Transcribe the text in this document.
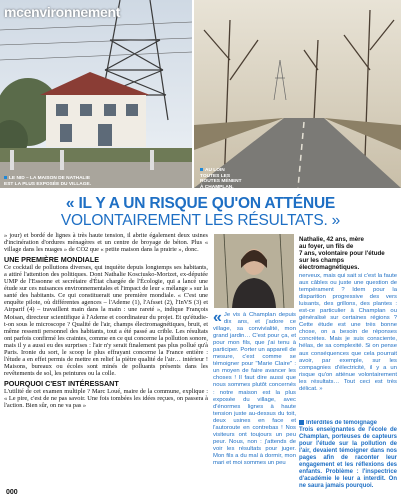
mcenvironnement
LE NID – LA MAISON DE NATHALIE
EST LA PLUS EXPOSÉE DU VILLAGE.
AU LOIN
TOUTES LES
ROUTES MÈNENT
À CHAMPLAN.
« IL Y A UN RISQUE QU'ON ATTÉNUE
VOLONTAIREMENT LES RÉSULTATS. »

» jour) et bordé de lignes à très haute tension, il abrite également deux usines d'incinération d'ordures ménagères et un centre de broyage de béton. Plus « village dans les nuages » de CO2 que « petite maison dans la prairie », donc.

UNE PREMIÈRE MONDIALE

Ce cocktail de pollutions diverses, qui inquiète depuis longtemps ses habitants, a attiré l'attention des politiques. Dont Nathalie Kosciusko-Morizet, ex-députée UMP de l'Essonne et secrétaire d'État chargée de l'Écologie, qui a lancé une étude sur ces nuisances environnementales et l'impact de leur « mélange » sur la santé des habitants. Ce qui constituerait une première mondiale. « C'est une enquête pilote, où différentes agences – l'Ademe (1), l'Afsset (2), l'InVS (3) et Airparif (4) – travaillent main dans la main : une rareté », indique François Moisan, directeur scientifique à l'Ademe et coordinateur du projet. Et qu'étudie-t-on sous le microscope ? Qualité de l'air, champs électromagnétiques, bruit, et même ressenti personnel des habitants, tout a été passé au crible. Les résultats ont parfois confirmé les craintes, comme en ce qui concerne la pollution sonore, mais il y a aussi eu des surprises : l'air n'y serait finalement pas plus pollué qu'à Paris. Ironie du sort, le scoop le plus effrayant concerne la France entière : l'étude a en effet permis de mettre en relief la piètre qualité de l'air… intérieur ! Maisons, bureaux ou écoles sont minés de polluants présents dans les revêtements de sol, les peintures ou la colle.

POURQUOI C'EST INTÉRESSANT

L'utilité de cet examen multiple ? Marc Loué, maire de la commune, explique : « Le pire, c'est de ne pas savoir. Une fois tombées les idées reçues, on passera à l'action. Bien sûr, on ne va pas »

Nathalie, 42 ans, mère
au foyer, un fils de
7 ans, volontaire pour l'étude
sur les champs
électromagnétiques.
« Je vis à Champlan depuis dix ans, et j'adore ce village, sa convivialité, mon grand jardin… C'est pour ça, et pour mon fils, que j'ai tenu à participer. Porter un appareil de mesure, c'est comme se témoigner pour "Marie Claire" : un moyen de faire avancer les choses ! Il faut dire aussi que nous sommes plutôt concernés : notre maison est la plus exposée du village, avec d'énormes lignes à haute tension juste au-dessus du toit, deux usines en face et l'autoroute en contrebas ! Nos visiteurs ont toujours un peu peur. Nous, non : j'attends de voir les résultats pour juger. Mon fils a du mal à dormir, mon mari et moi sommes un peu

nerveux, mais qui sait si c'est la faute aux câbles ou juste une question de tempérament ? Idem pour la disparition progressive des vers luisants, des grillons, des plantes : est-ce particulier à Champlan ou généralisé sur certaines régions ? Cette étude est une très bonne chose, on a besoin de réponses concrètes. Mais je suis consciente, hélas, de sa complexité. Si on pense aux conséquences que cela pourrait avoir, par exemple, sur les compagnies d'électricité, il y a un risque qu'on atténue volontairement les résultats… Tout ceci est très délicat. »

Interdites de témoignage
Trois enseignantes de l'école de Champlan, porteuses de capteurs pour l'étude sur la pollution de l'air, devaient témoigner dans nos pages afin de raconter leur engagement et les réflexions des enfants. Problème : l'inspectrice d'académie le leur a interdit. On ne saura jamais pourquoi.
000
